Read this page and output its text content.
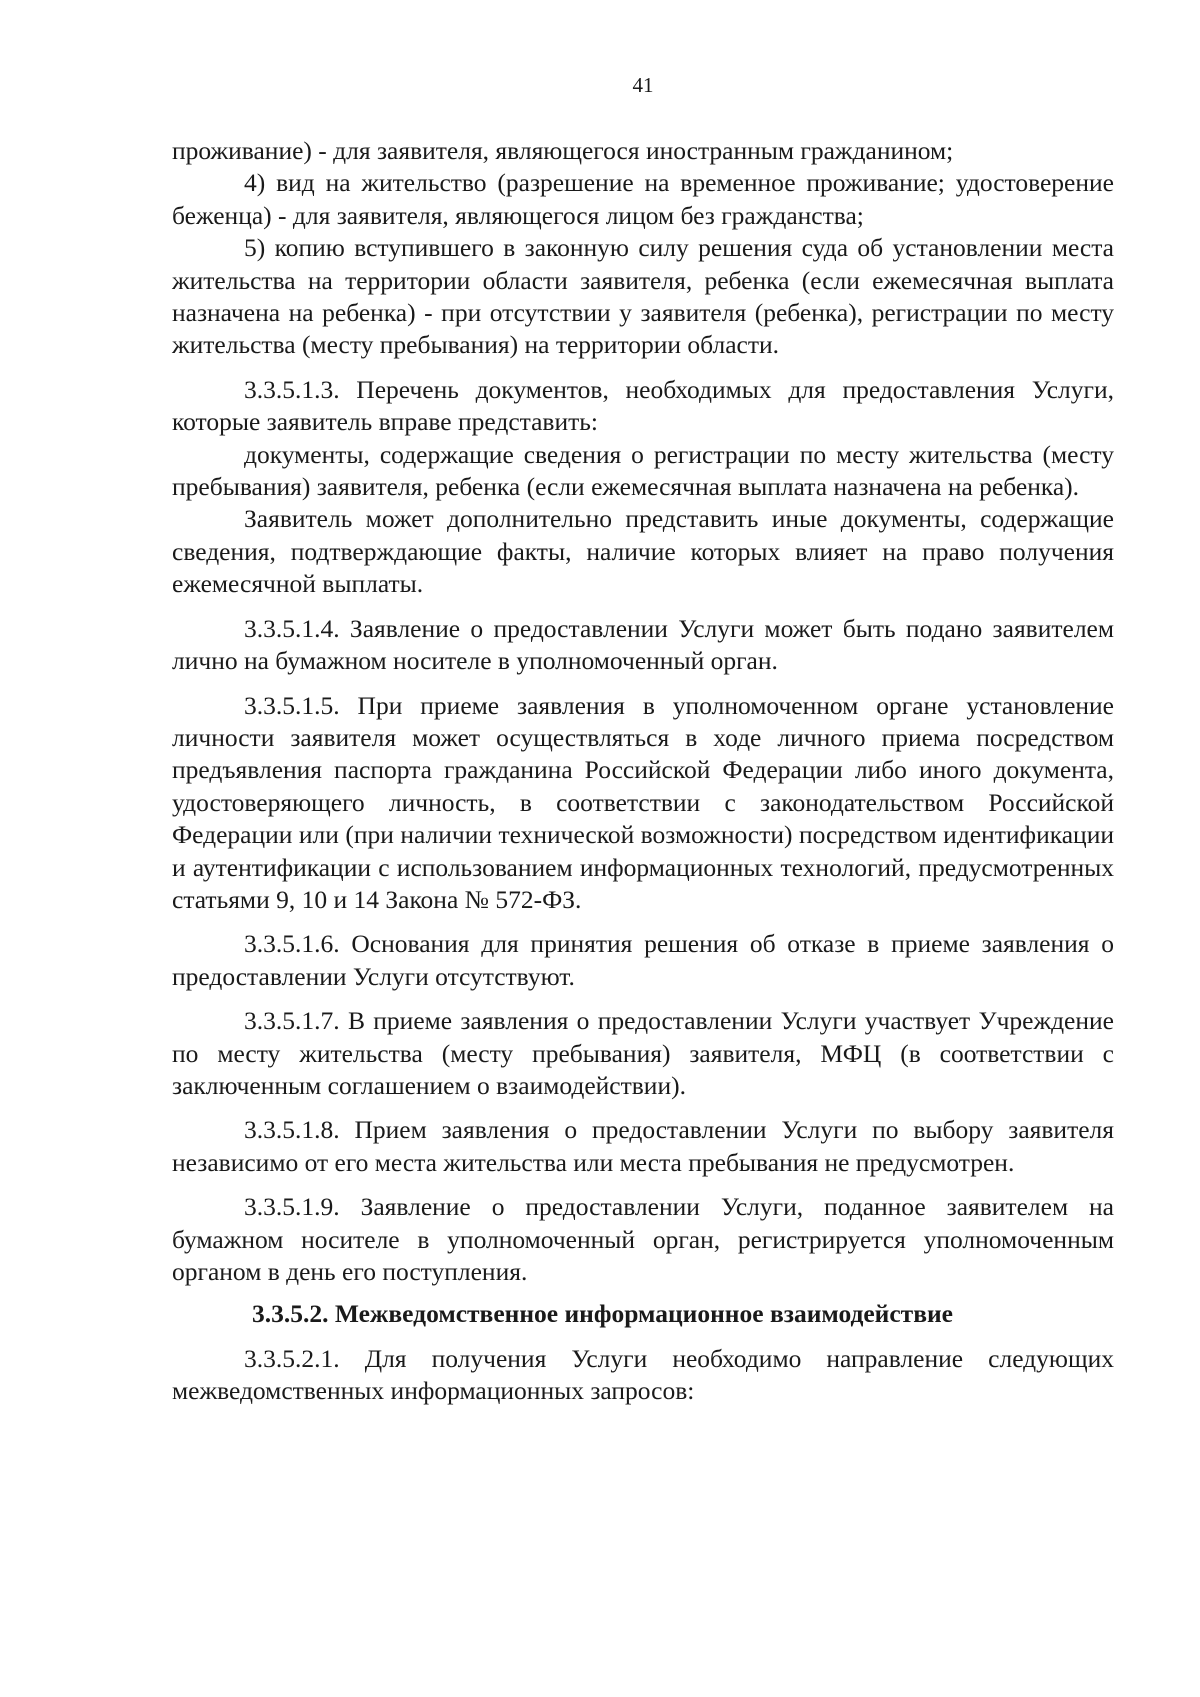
41

проживание) - для заявителя, являющегося иностранным гражданином;

4) вид на жительство (разрешение на временное проживание; удостоверение беженца) - для заявителя, являющегося лицом без гражданства;

5) копию вступившего в законную силу решения суда об установлении места жительства на территории области заявителя, ребенка (если ежемесячная выплата назначена на ребенка) - при отсутствии у заявителя (ребенка), регистрации по месту жительства (месту пребывания) на территории области.

3.3.5.1.3. Перечень документов, необходимых для предоставления Услуги, которые заявитель вправе представить:

документы, содержащие сведения о регистрации по месту жительства (месту пребывания) заявителя, ребенка (если ежемесячная выплата назначена на ребенка).

Заявитель может дополнительно представить иные документы, содержащие сведения, подтверждающие факты, наличие которых влияет на право получения ежемесячной выплаты.

3.3.5.1.4. Заявление о предоставлении Услуги может быть подано заявителем лично на бумажном носителе в уполномоченный орган.

3.3.5.1.5. При приеме заявления в уполномоченном органе установление личности заявителя может осуществляться в ходе личного приема посредством предъявления паспорта гражданина Российской Федерации либо иного документа, удостоверяющего личность, в соответствии с законодательством Российской Федерации или (при наличии технической возможности) посредством идентификации и аутентификации с использованием информационных технологий, предусмотренных статьями 9, 10 и 14 Закона № 572-ФЗ.

3.3.5.1.6. Основания для принятия решения об отказе в приеме заявления о предоставлении Услуги отсутствуют.

3.3.5.1.7. В приеме заявления о предоставлении Услуги участвует Учреждение по месту жительства (месту пребывания) заявителя, МФЦ (в соответствии с заключенным соглашением о взаимодействии).

3.3.5.1.8. Прием заявления о предоставлении Услуги по выбору заявителя независимо от его места жительства или места пребывания не предусмотрен.

3.3.5.1.9. Заявление о предоставлении Услуги, поданное заявителем на бумажном носителе в уполномоченный орган, регистрируется уполномоченным органом в день его поступления.

3.3.5.2. Межведомственное информационное взаимодействие

3.3.5.2.1. Для получения Услуги необходимо направление следующих межведомственных информационных запросов:
